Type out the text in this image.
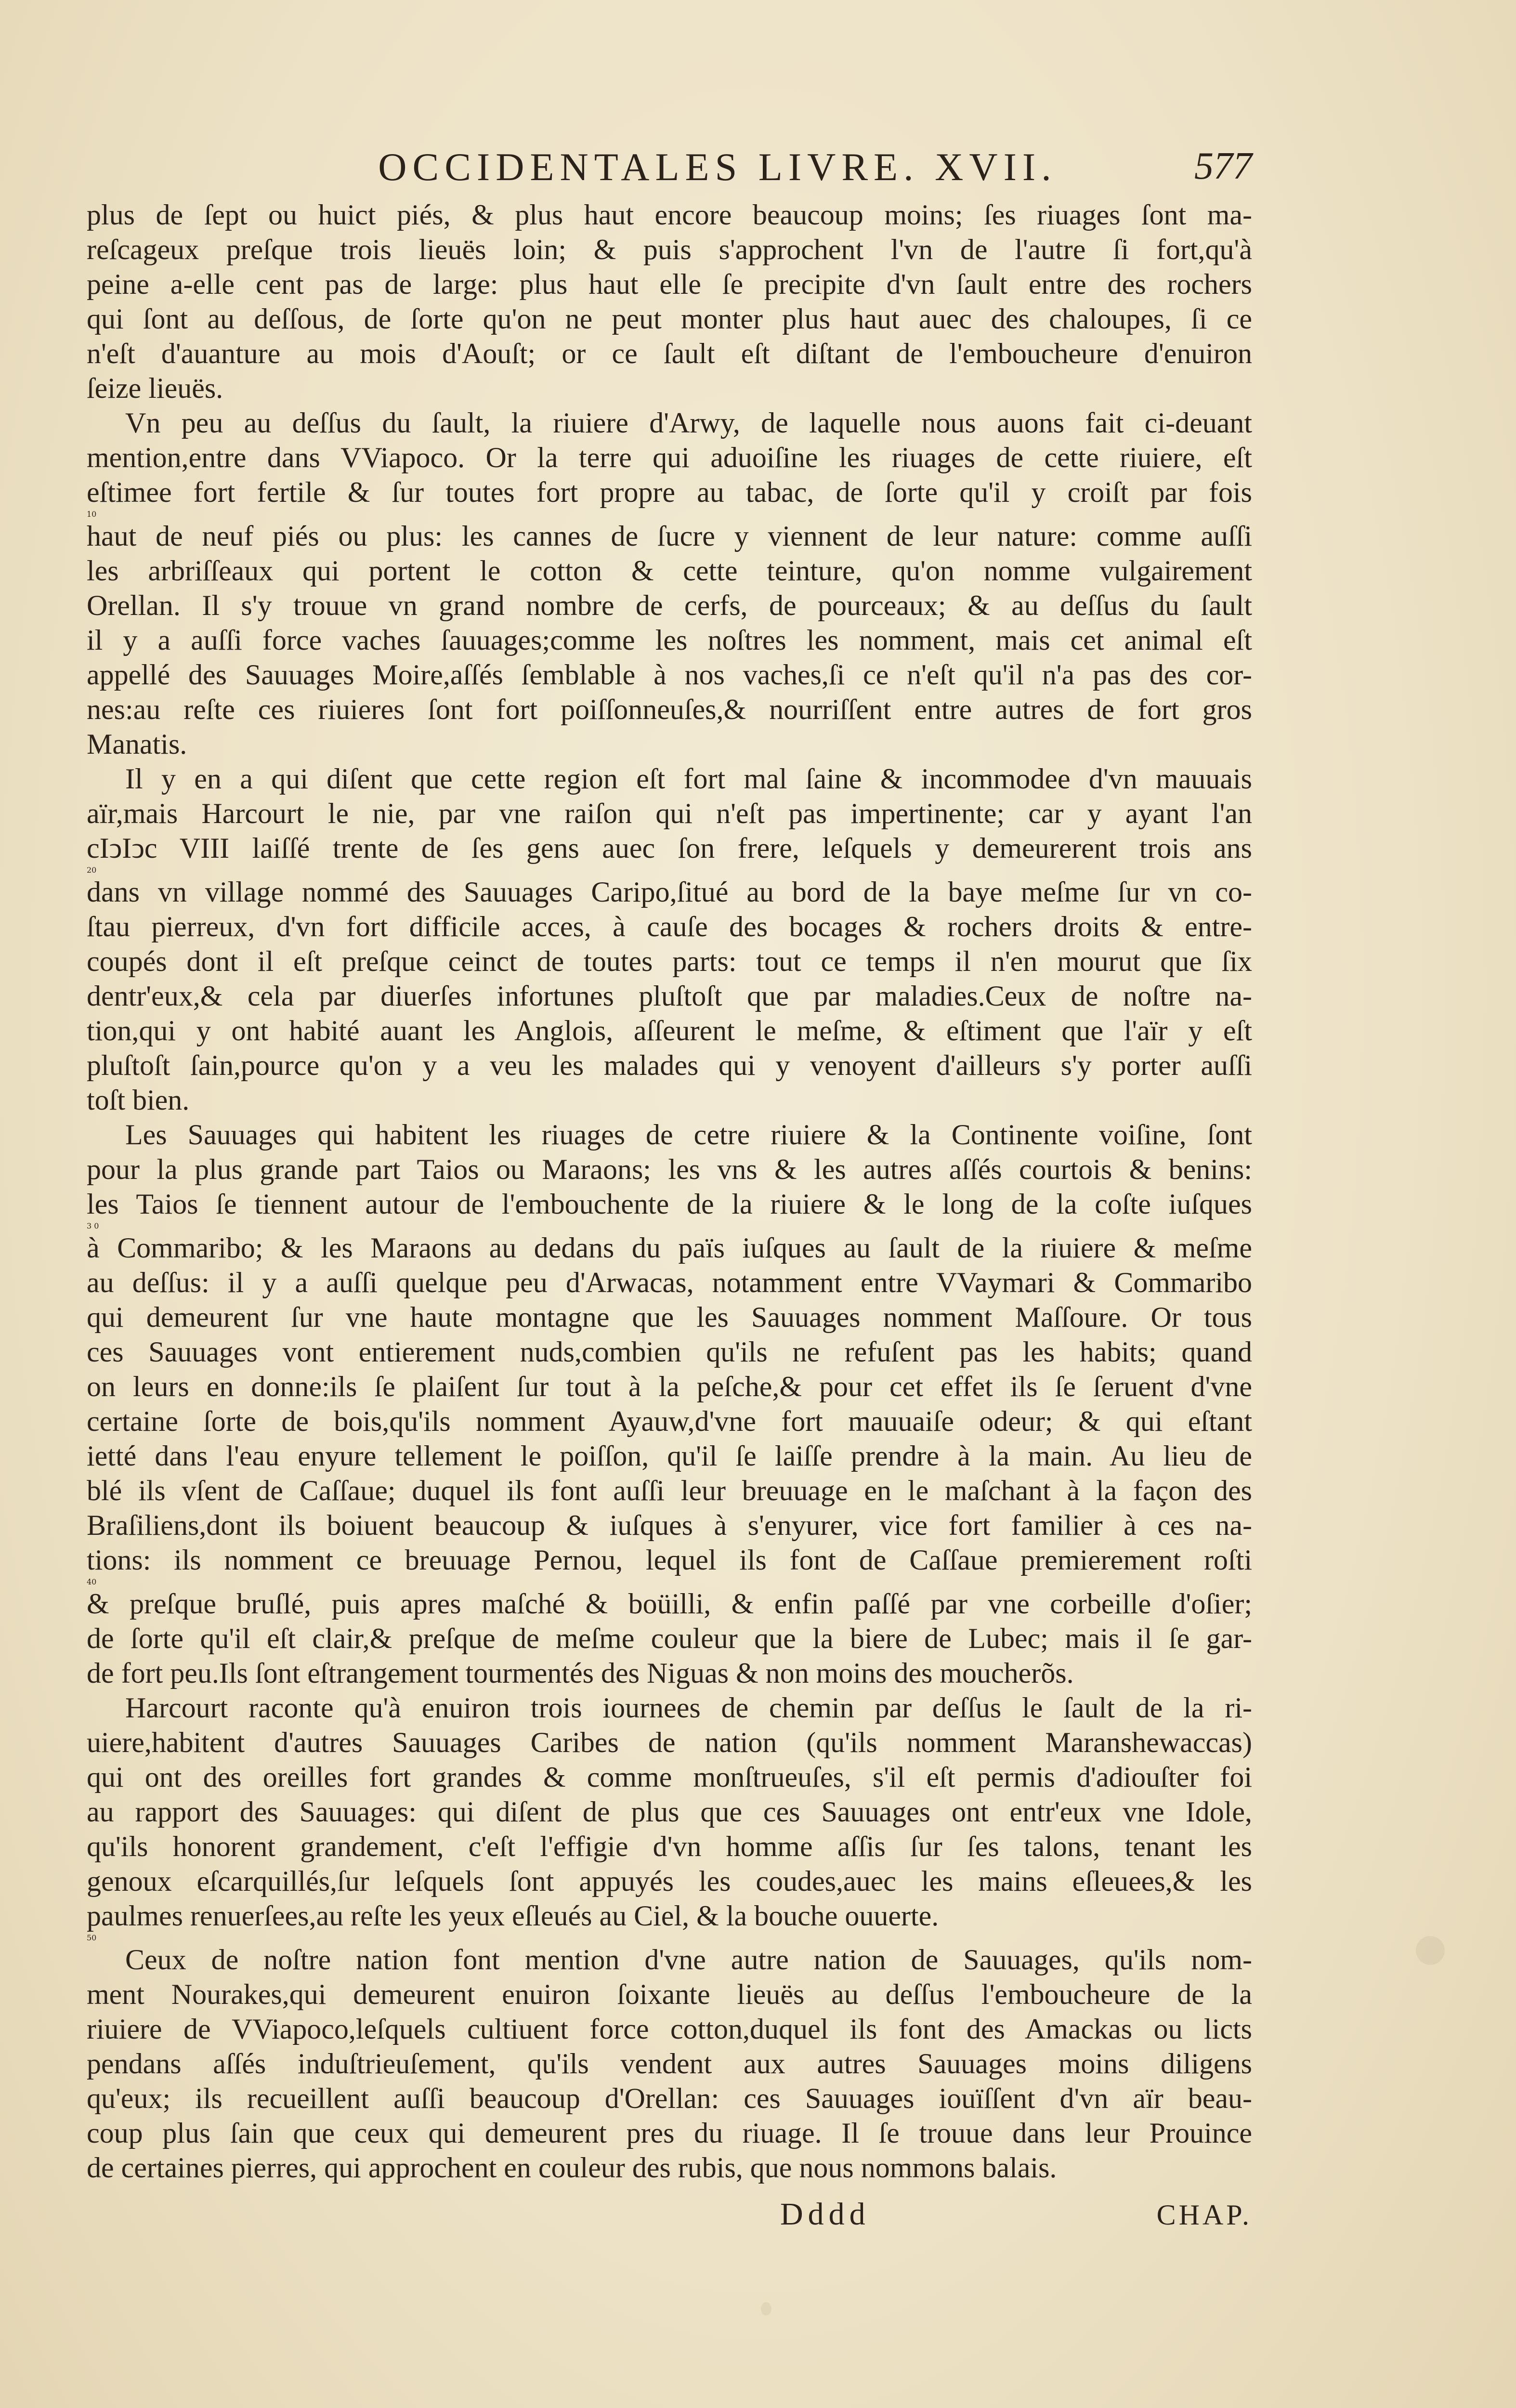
OCCIDENTALES LIVRE. XVII.	577
plus de ſept ou huict piés, & plus haut encore beaucoup moins; ſes riuages ſont ma-
reſcageux preſque trois lieuës loin; & puis s'approchent l'vn de l'autre ſi fort,qu'à
peine a-elle cent pas de large: plus haut elle ſe precipite d'vn ſault entre des rochers
qui ſont au deſſous, de ſorte qu'on ne peut monter plus haut auec des chaloupes, ſi ce
n'eſt d'auanture au mois d'Aouſt; or ce ſault eſt diſtant de l'emboucheure d'enuiron
ſeize lieuës.
Vn peu au deſſus du ſault, la riuiere d'Arwy, de laquelle nous auons fait ci-deuant
mention,entre dans VViapoco. Or la terre qui aduoiſine les riuages de cette riuiere, eſt
eſtimee fort fertile & ſur toutes fort propre au tabac, de ſorte qu'il y croiſt par fois
10
haut de neuf piés ou plus: les cannes de ſucre y viennent de leur nature: comme auſſi
les arbriſſeaux qui portent le cotton & cette teinture, qu'on nomme vulgairement
Orellan. Il s'y trouue vn grand nombre de cerfs, de pourceaux; & au deſſus du ſault
il y a auſſi force vaches ſauuages;comme les noſtres les nomment, mais cet animal eſt
appellé des Sauuages Moire,aſſés ſemblable à nos vaches,ſi ce n'eſt qu'il n'a pas des cor-
nes:au reſte ces riuieres ſont fort poiſſonneuſes,& nourriſſent entre autres de fort gros
Manatis.
Il y en a qui diſent que cette region eſt fort mal ſaine & incommodee d'vn mauuais
aïr,mais Harcourt le nie, par vne raiſon qui n'eſt pas impertinente; car y ayant l'an
cIↄIↄc VIII laiſſé trente de ſes gens auec ſon frere, leſquels y demeurerent trois ans
20
dans vn village nommé des Sauuages Caripo,ſitué au bord de la baye meſme ſur vn co-
ſtau pierreux, d'vn fort difficile acces, à cauſe des bocages & rochers droits & entre-
coupés dont il eſt preſque ceinct de toutes parts: tout ce temps il n'en mourut que ſix
dentr'eux,& cela par diuerſes infortunes pluſtoſt que par maladies.Ceux de noſtre na-
tion,qui y ont habité auant les Anglois, aſſeurent le meſme, & eſtiment que l'aïr y eſt
pluſtoſt ſain,pource qu'on y a veu les malades qui y venoyent d'ailleurs s'y porter auſſi
toſt bien.
Les Sauuages qui habitent les riuages de cetre riuiere & la Continente voiſine, ſont
pour la plus grande part Taios ou Maraons; les vns & les autres aſſés courtois & benins:
les Taios ſe tiennent autour de l'embouchente de la riuiere & le long de la coſte iuſques
3 0
à Commaribo; & les Maraons au dedans du païs iuſques au ſault de la riuiere & meſme
au deſſus: il y a auſſi quelque peu d'Arwacas, notamment entre VVaymari & Commaribo
qui demeurent ſur vne haute montagne que les Sauuages nomment Maſſoure. Or tous
ces Sauuages vont entierement nuds,combien qu'ils ne refuſent pas les habits; quand
on leurs en donne:ils ſe plaiſent ſur tout à la peſche,& pour cet effet ils ſe ſeruent d'vne
certaine ſorte de bois,qu'ils nomment Ayauw,d'vne fort mauuaiſe odeur; & qui eſtant
ietté dans l'eau enyure tellement le poiſſon, qu'il ſe laiſſe prendre à la main. Au lieu de
blé ils vſent de Caſſaue; duquel ils font auſſi leur breuuage en le maſchant à la façon des
Braſiliens,dont ils boiuent beaucoup & iuſques à s'enyurer, vice fort familier à ces na-
tions: ils nomment ce breuuage Pernou, lequel ils font de Caſſaue premierement roſti
40
& preſque bruſlé, puis apres maſché & boüilli, & enfin paſſé par vne corbeille d'oſier;
de ſorte qu'il eſt clair,& preſque de meſme couleur que la biere de Lubec; mais il ſe gar-
de fort peu.Ils ſont eſtrangement tourmentés des Niguas & non moins des moucherõs.
Harcourt raconte qu'à enuiron trois iournees de chemin par deſſus le ſault de la ri-
uiere,habitent d'autres Sauuages Caribes de nation (qu'ils nomment Maranshewaccas)
qui ont des oreilles fort grandes & comme monſtrueuſes, s'il eſt permis d'adiouſter foi
au rapport des Sauuages: qui diſent de plus que ces Sauuages ont entr'eux vne Idole,
qu'ils honorent grandement, c'eſt l'effigie d'vn homme aſſis ſur ſes talons, tenant les
genoux eſcarquillés,ſur leſquels ſont appuyés les coudes,auec les mains eſleuees,& les
paulmes renuerſees,au reſte les yeux eſleués au Ciel, & la bouche ouuerte.
50
Ceux de noſtre nation font mention d'vne autre nation de Sauuages, qu'ils nom-
ment Nourakes,qui demeurent enuiron ſoixante lieuës au deſſus l'emboucheure de la
riuiere de VViapoco,leſquels cultiuent force cotton,duquel ils font des Amackas ou licts
pendans aſſés induſtrieuſement, qu'ils vendent aux autres Sauuages moins diligens
qu'eux; ils recueillent auſſi beaucoup d'Orellan: ces Sauuages iouïſſent d'vn aïr beau-
coup plus ſain que ceux qui demeurent pres du riuage. Il ſe trouue dans leur Prouince
de certaines pierres, qui approchent en couleur des rubis, que nous nommons balais.
Dddd	CHAP.
